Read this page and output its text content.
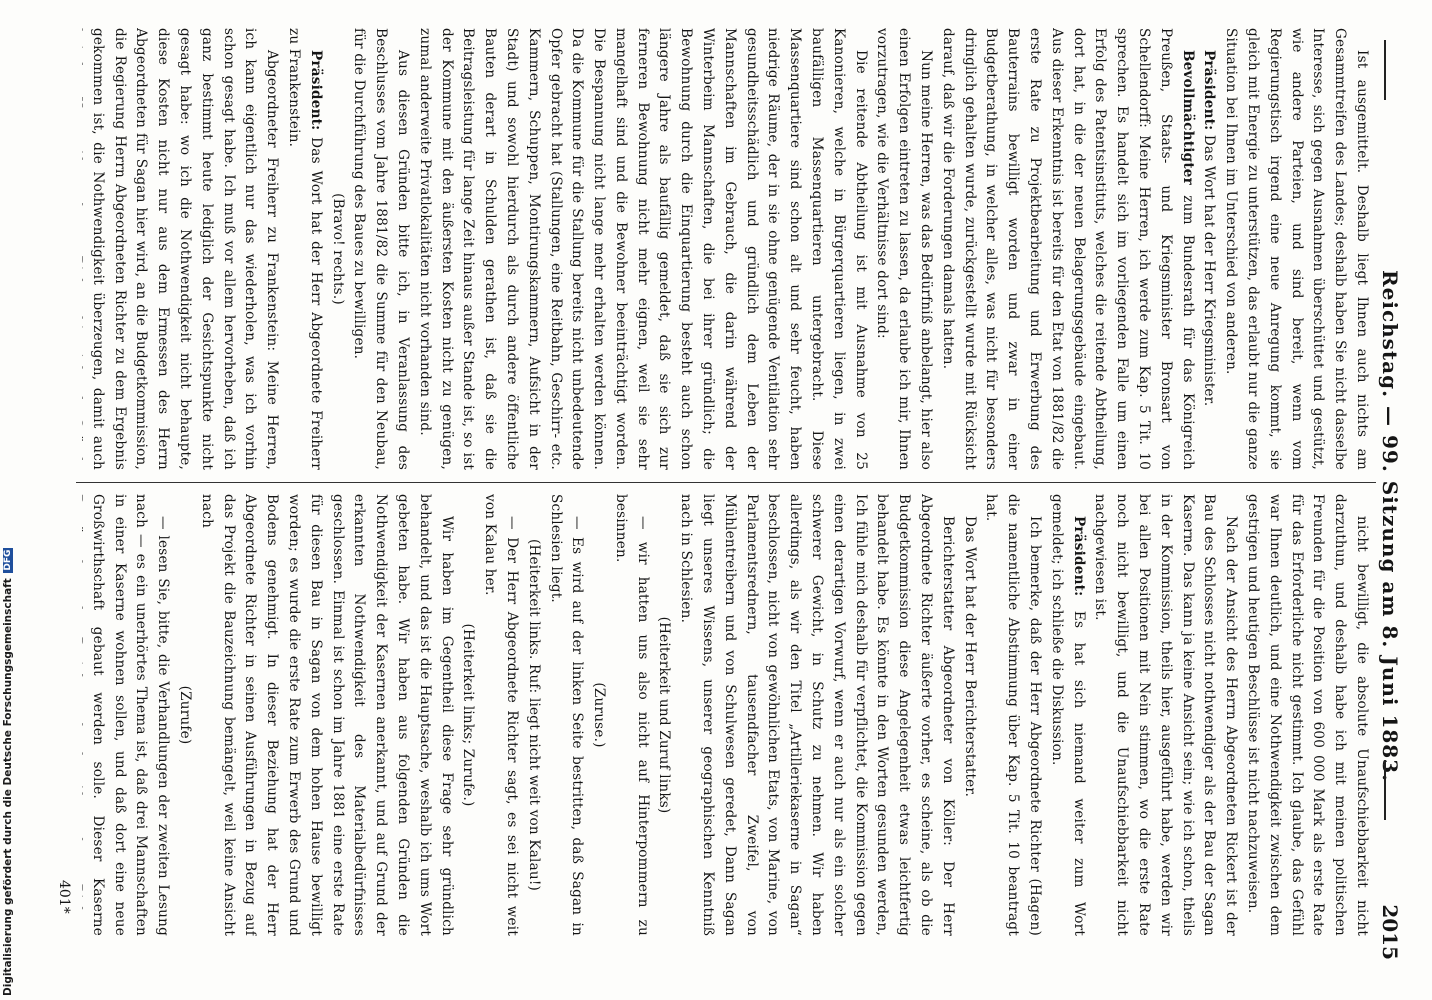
Reichstag. — 99. Sitzung am 8. Juni 1883.
2015

Ist ausgemittelt. Deshalb liegt Ihnen auch nichts am Gesammtreifen des Landes; deshalb haben Sie nicht dasselbe Interesse, sich gegen Ausnahmen überschüttet und gestützt, wie andere Parteien, und sind bereit, wenn vom Regierungstisch irgend eine neue Anregung kommt, sie gleich mit Energie zu unterstützen, das erlaubt nur die ganze Situation bei Ihnen im Unterschied von anderen.

Präsident: Das Wort hat der Herr Kriegsminister.

Bevollmächtigter zum Bundesrath für das Königreich Preußen, Staats- und Kriegsminister Bronsart von Schellendorff: Meine Herren, ich werde zum Kap. 5 Tit. 10 sprechen. Es handelt sich im vorliegenden Falle um einen Erfolg des Patentsinstituts, welches die reitende Abtheilung, dort hat, in die der neuen Belagerungsgebäude eingebaut. Aus dieser Erkenntnis ist bereits für den Etat von 1881/82 die erste Rate zu Projektbearbeitung und Erwerbung des Bauterrains bewilligt worden und zwar in einer Budgetberathung, in welcher alles, was nicht für besonders dringlich gehalten wurde, zurückgestellt wurde mit Rücksicht darauf, daß wir die Forderungen damals hatten.

Nun meine Herren, was das Bedürfniß anbelangt, hier also einen Erfolgen eintreten zu lassen, da erlaube ich mir, Ihnen vorzutragen, wie die Verhältnisse dort sind:

Die reitende Abtheilung ist mit Ausnahme von 25 Kanonieren, welche in Bürgerquartieren liegen, in zwei baufälligen Massenquartieren untergebracht. Diese Massenquartiere sind schon alt und sehr feucht, haben niedrige Räume, der in sie ohne genügende Ventilation sehr gesundheitsschädlich und gründlich dem Leben der Mannschaften im Gebrauch, die darin während der Winterbeim Mannschaften, die bei ihrer gründlich; die Bewohnung durch die Einquartierung besteht auch schon längere Jahre als baufällig gemeldet, daß sie sich zur ferneren Bewohnung nicht mehr eignen, weil sie sehr mangelhaft sind und die Bewohner beeinträchtigt worden. Die Bespannung nicht lange mehr erhalten werden können. Da die Kommune für die Stallung bereits nicht unbedeutende Opfer gebracht hat (Stallungen, eine Reitbahn, Geschirr- etc. Kammern, Schuppen, Montirungskammern, Aufsicht in der Stadt) und sowohl hierdurch als durch andere öffentliche Bauten derart in Schulden gerathen ist, daß sie die Beitragsleistung für lange Zeit hinaus außer Stande ist, so ist der Kommune mit den äußersten Kosten nicht zu genügen, zumal anderweite Privatlokalitäten nicht vorhanden sind.

Aus diesen Gründen bitte ich, in Veranlassung des Beschlusses vom Jahre 1881/82 die Summe für den Neubau, für die Durchführung des Baues zu bewilligen.

(Bravo! rechts.)

Präsident: Das Wort hat der Herr Abgeordnete Freiherr zu Frankenstein.

Abgeordneter Freiherr zu Frankenstein: Meine Herren, ich kann eigentlich nur das wiederholen, was ich vorhin schon gesagt habe. Ich muß vor allem hervorheben, daß ich ganz bestimmt heute lediglich der Gesichtspunkte nicht gesagt habe: wo ich die Nothwendigkeit nicht behaupte, diese Kosten nicht nur aus dem Ermessen des Herrn Abgeordneten für Sagan hier wird, an die Budgetkommission, die Regierung Herrn Abgeordneten Richter zu dem Ergebnis gekommen ist, die Nothwendigkeit überzeugen, damit auch

nicht bewilligt, die absolute Unaufschiebbarkeit nicht darzuthun, und deshalb habe ich mit meinen politischen Freunden für die Position von 600 000 Mark als erste Rate für das Erforderliche nicht gestimmt. Ich glaube, das Gefühl war Ihnen deutlich, und eine Nothwendigkeit zwischen dem gestrigen und heutigen Beschlüsse ist nicht nachzuweisen.

Nach der Ansicht des Herrn Abgeordneten Rickert ist der Bau des Schlosses nicht nothwendiger als der Bau der Sagan Kaserne. Das kann ja keine Ansicht sein; wie ich schon, theils in der Kommission, theils hier, ausgeführt habe, werden wir bei allen Positionen mit Nein stimmen, wo die erste Rate noch nicht bewilligt, und die Unaufschiebbarkeit nicht nachgewiesen ist.

Präsident: Es hat sich niemand weiter zum Wort gemeldet; ich schließe die Diskussion.

Ich bemerke, daß der Herr Abgeordnete Richter (Hagen) die namentliche Abstimmung über Kap. 5 Tit. 10 beantragt hat.

Das Wort hat der Herr Berichterstatter.

Berichterstatter Abgeordneter von Köller: Der Herr Abgeordnete Richter äußerte vorher, es scheine, als ob die Budgetkommission diese Angelegenheit etwas leichtfertig behandelt habe. Es könnte in den Worten gesunden werden, Ich fühle mich deshalb für verpflichtet, die Kommission gegen einen derartigen Vorwurf, wenn er auch nur als ein solcher schwerer Gewicht, in Schutz zu nehmen. Wir haben allerdings, als wir den Titel „Artilleriekaserne in Sagan“ beschlossen, nicht von gewöhnlichen Etats, von Marine, von Parlamentsrednern, tausendfacher Zweifel, von Mühlentreibern und von Schulwesen geredet, Dann Sagan liegt unseres Wissens, unserer geographischen Kenntniß nach in Schlesien.

(Heiterkeit und Zuruf links)

— wir hatten uns also nicht auf Hinterpommern zu besinnen.

(Zuruse.)

— Es wird auf der linken Seite bestritten, daß Sagan in Schlesien liegt.

(Heiterkeit links. Ruf: liegt nicht weit von Kalau!)

— Der Herr Abgeordnete Richter sagt, es sei nicht weit von Kalau her.

(Heiterkeit links; Zurufe.)

Wir haben im Gegentheil diese Frage sehr gründlich behandelt, und das ist die Hauptsache, weshalb ich ums Wort gebeten habe. Wir haben aus folgenden Gründen die Nothwendigkeit der Kasernen anerkannt, und auf Grund der erkannten Nothwendigkeit des Materialbedürfnisses geschlossen. Einmal ist schon im Jahre 1881 eine erste Rate für diesen Bau in Sagan von dem hohen Hause bewilligt worden; es wurde die erste Rate zum Erwerb des Grund und Bodens genehmigt. In dieser Beziehung hat der Herr Abgeordnete Richter in seinen Ausführungen in Bezug auf das Projekt die Bauzeichnung bemängelt, weil keine Ansicht nach

(Zurufe)

— lesen Sie, bitte, die Verhandlungen der zweiten Lesung nach — es ein unerhörtes Thema ist, daß drei Mannschaften in einer Kaserne wohnen sollen, und daß dort eine neue Großwirthschaft gebaut werden solle. Dieser Kaserne

401*
Digitalisierung gefördert durch die Deutsche Forschungsgemeinschaft DFG
